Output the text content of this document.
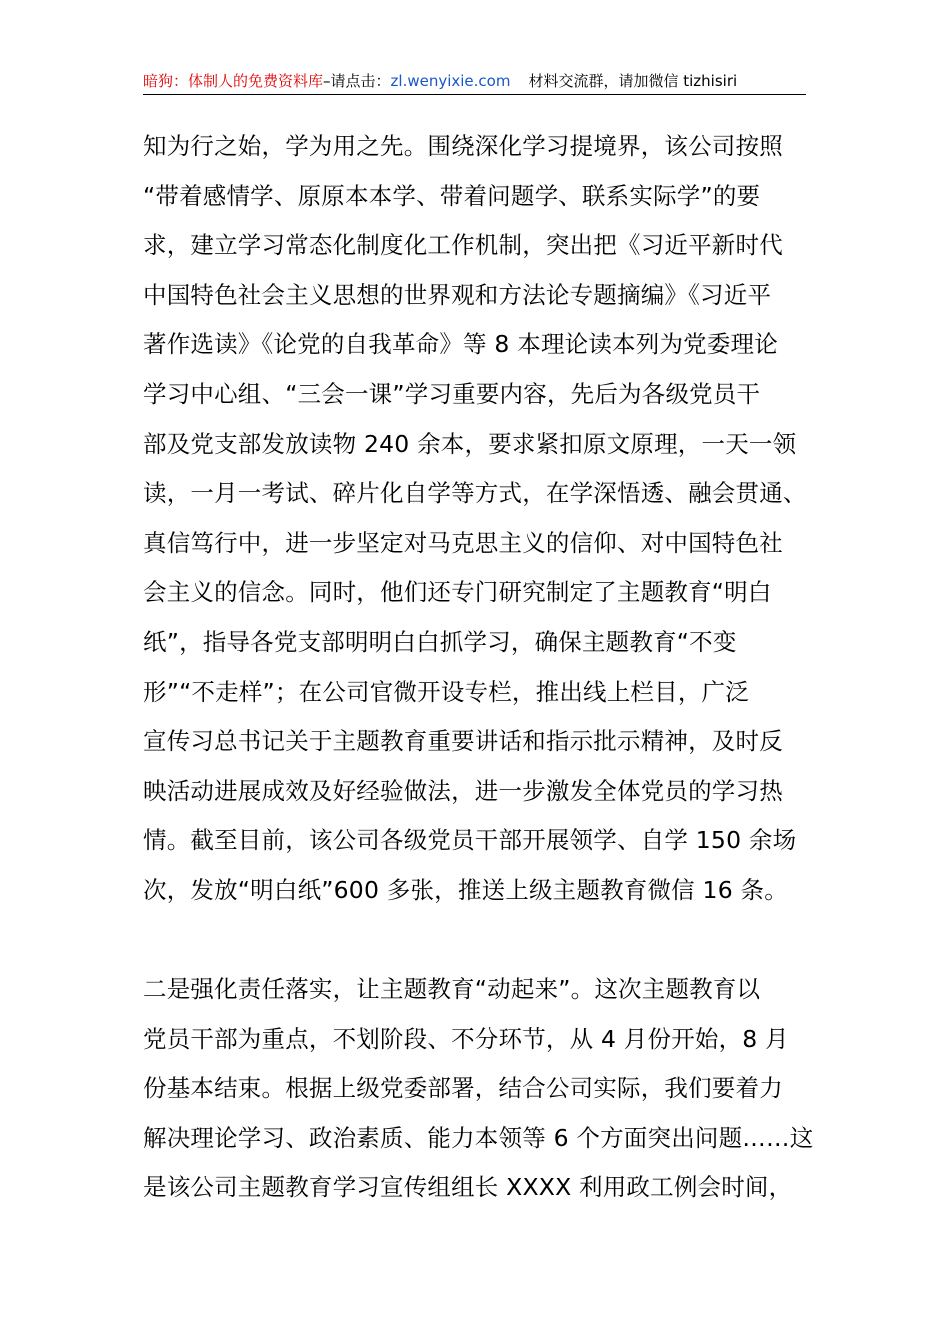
暗狗：体制人的免费资料库–请点击：zl.wenyixie.com 材料交流群，请加微信 tizhisiri
知为行之始，学为用之先。围绕深化学习提境界，该公司按照
“带着感情学、原原本本学、带着问题学、联系实际学”的要
求，建立学习常态化制度化工作机制，突出把《习近平新时代
中国特色社会主义思想的世界观和方法论专题摘编》《习近平
著作选读》《论党的自我革命》等 8 本理论读本列为党委理论
学习中心组、“三会一课”学习重要内容，先后为各级党员干
部及党支部发放读物 240 余本，要求紧扣原文原理，一天一领
读，一月一考试、碎片化自学等方式，在学深悟透、融会贯通、
真信笃行中，进一步坚定对马克思主义的信仰、对中国特色社
会主义的信念。同时，他们还专门研究制定了主题教育“明白
纸”，指导各党支部明明白白抓学习，确保主题教育“不变
形”“不走样”；在公司官微开设专栏，推出线上栏目，广泛
宣传习总书记关于主题教育重要讲话和指示批示精神，及时反
映活动进展成效及好经验做法，进一步激发全体党员的学习热
情。截至目前，该公司各级党员干部开展领学、自学 150 余场
次，发放“明白纸”600 多张，推送上级主题教育微信 16 条。
二是强化责任落实，让主题教育“动起来”。这次主题教育以
党员干部为重点，不划阶段、不分环节，从 4 月份开始，8 月
份基本结束。根据上级党委部署，结合公司实际，我们要着力
解决理论学习、政治素质、能力本领等 6 个方面突出问题……这
是该公司主题教育学习宣传组组长 XXXX 利用政工例会时间，
